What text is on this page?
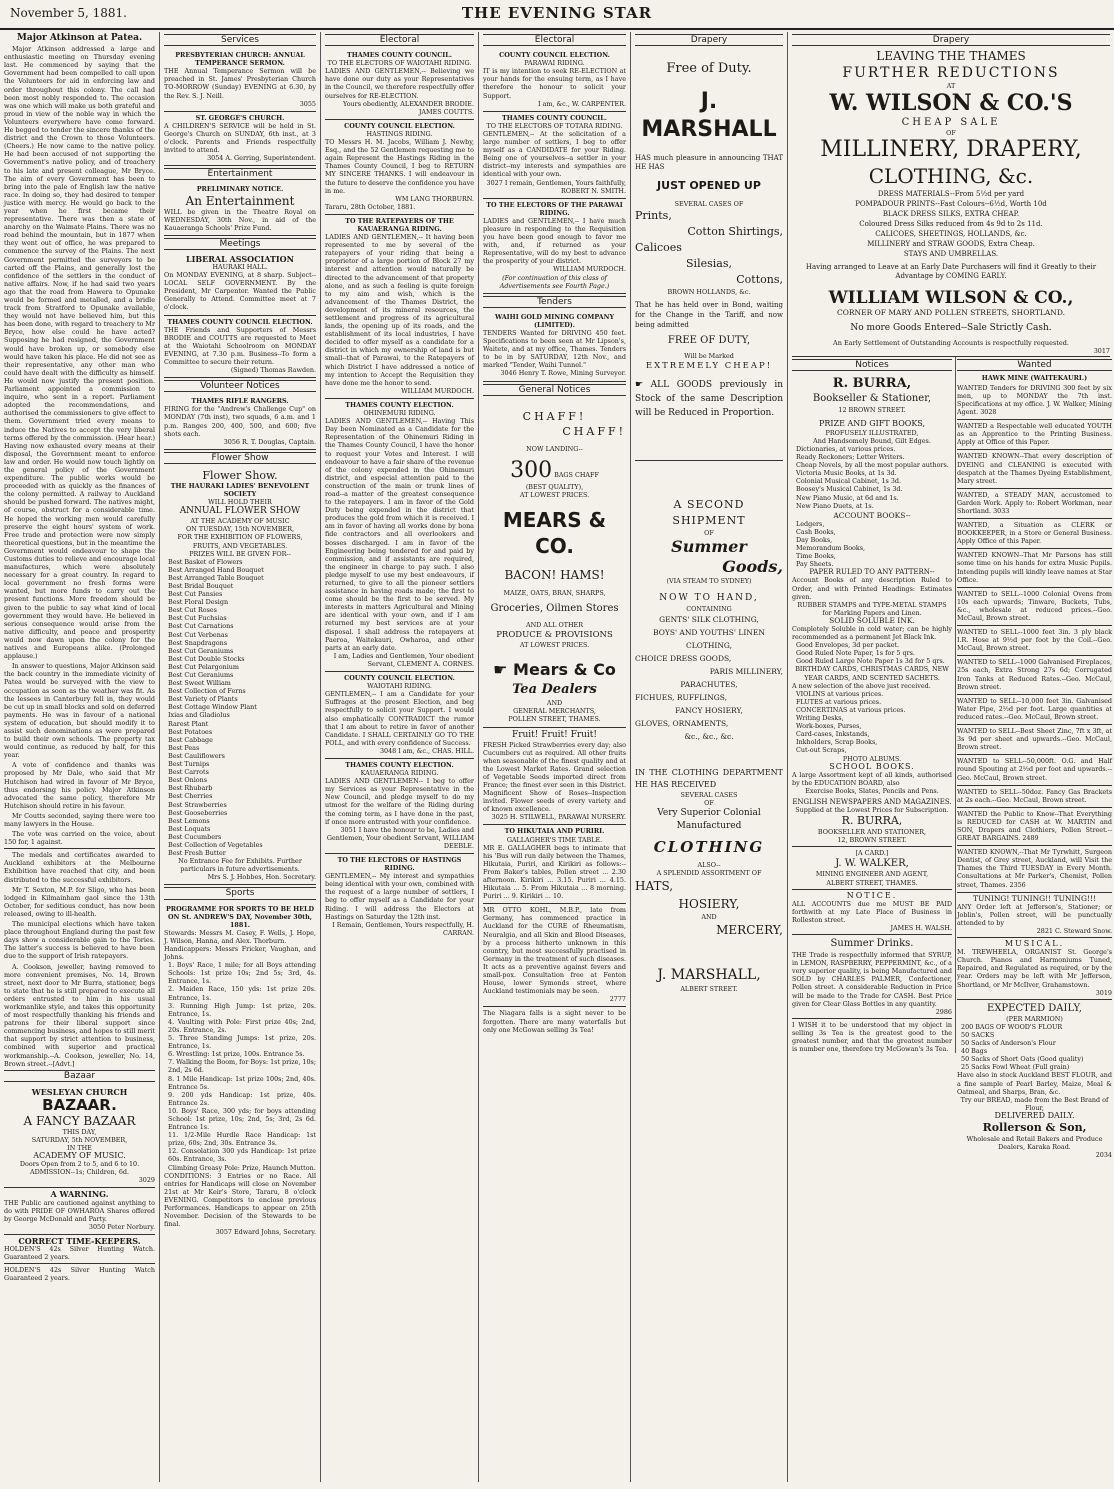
November 5, 1881.	THE EVENING STAR
Major Atkinson at Patea.

Major Atkinson addressed a large and enthusiastic meeting on Thursday evening last. He commenced by saying that the Government had been compelled to call upon the Volunteers for aid in enforcing law and order throughout this colony. The call had been most nobly responded to. The occasion was one which will make us both grateful and proud in view of the noble way in which the Volunteers everywhere have come forward. He begged to tender the sincere thanks of the district and the Crown to those Volunteers. (Cheers.) He now came to the native policy. He had been accused of not supporting the Government's native policy, and of treachery to his late and present colleague, Mr Bryce. The aim of every Government has been to bring into the pale of English law the native race. In doing so, they had desired to temper justice with mercy. He would go back to the year when he first became their representative. There was then a state of anarchy on the Waimate Plains. There was no road behind the mountain, but in 1877 when they went out of office, he was prepared to commence the survey of the Plains. The next Government permitted the surveyors to be carted off the Plains, and generally lost the confidence of the settlers in the conduct of native affairs. Now, if he had said two years ago that the road from Hawera to Opunake would be formed and metalled, and a bridle track from Stratford to Opunake available, they would not have believed him, but this has been done, with regard to treachery to Mr Bryce, how else could he have acted? Supposing he had resigned, the Government would have broken up, or somebody else would have taken his place. He did not see as their representative, any other man who could have dealt with the difficulty as himself. He would now justify the present position. Parliament appointed a commission to inquire, who sent in a report. Parliament adopted the recommendations, and authorised the commissioners to give effect to them. Government tried every means to induce the Natives to accept the very liberal terms offered by the commission. (Hear hear.) Having now exhausted every means at their disposal, the Government meant to enforce law and order. He would now touch lightly on the general policy of the Government expenditure. The public works would be proceeded with as quickly as the finances of the colony permitted. A railway to Auckland should be pushed forward. The natives might, of course, obstruct for a considerable time. He hoped the working men would carefully preserve the eight hours' system of work. Free trade and protection were now simply theoretical questions, but in the meantime the Government would endeavour to shape the Customs duties to relieve and encourage local manufactures, which were absolutely necessary for a great country. In regard to local government no fresh forms were wanted, but more funds to carry out the present functions. More freedom should be given to the public to say what kind of local government they would have. He believed in serious consequence would arise from the native difficulty, and peace and prosperity would now dawn upon the colony for the natives and Europeans alike. (Prolonged applause.)

In answer to questions, Major Atkinson said the back country in the immediate vicinity of Patea would be surveyed with the view to occupation as soon as the weather was fit. As the lessees in Canterbury fell in, they would be cut up in small blocks and sold on deferred payments. He was in favour of a national system of education, but should modify it to assist such denominations as were prepared to build their own schools. The property tax would continue, as reduced by half, for this year.

A vote of confidence and thanks was proposed by Mr Dale, who said that Mr Hutchison had wired in favour of Mr Bryce, thus endorsing his policy. Major Atkinson advocated the same policy, therefore Mr Hutchison should retire in his favour.

Mr Coutts seconded, saying there were too many lawyers in the House.

The vote was carried on the voice, about 150 for, 1 against.

The medals and certificates awarded to Auckland exhibitors at the Melbourne Exhibition have reached that city, and been distributed to the successful exhibitors.

Mr T. Sexton, M.P. for Sligo, who has been lodged in Kilmainham gaol since the 13th October, for seditious conduct, has now been released, owing to ill-health.

The municipal elections which have taken place throughout England during the past few days show a considerable gain to the Tories. The latter's success is believed to have been due to the support of Irish ratepayers.

A. Cookson, jeweller, having removed to more convenient premises, No. 14, Brown street, next door to Mr Burra, stationer, begs to state that he is still prepared to execute all orders entrusted to him in his usual workmanlike style, and takes this opportunity of most respectfully thanking his friends and patrons for their liberal support since commencing business, and hopes to still merit that support by strict attention to business, combined with superior and practical workmanship.--A. Cookson, jeweller, No. 14, Brown street.--[Advt.]

Bazaar
WESLEYAN CHURCH
BAZAAR.
A FANCY BAZAAR
THIS DAY,
SATURDAY, 5th NOVEMBER,
IN THE
ACADEMY OF MUSIC.
Doors Open from 2 to 5, and 6 to 10.
ADMISSION--1s; Children, 6d.
3029
A WARNING.
THE Public are cautioned against anything to do with PRIDE OF OWHAROA Shares offered by George McDonald and Party.
3050 Peter Norbury.
CORRECT TIME-KEEPERS.
HOLDEN'S 42s Silver Hunting Watch. Guaranteed 2 years.
HOLDEN'S 42s Silver Hunting Watch Guaranteed 2 years.
Services
PRESBYTERIAN CHURCH: ANNUAL TEMPERANCE SERMON.
THE Annual Temperance Sermon will be preached in St. James' Presbyterian Church TO-MORROW (Sunday) EVENING at 6.30, by the Rev. S. J. Neill.
3055
ST. GEORGE'S CHURCH.
A CHILDREN'S SERVICE will be held in St. George's Church on SUNDAY, 6th inst., at 3 o'clock. Parents and Friends respectfully invited to attend.
3054 A. Gerring, Superintendent.
Entertainment
PRELIMINARY NOTICE.
An Entertainment
WILL be given in the Theatre Royal on WEDNESDAY, 30th Nov., in aid of the Kauaeranga Schools' Prize Fund.
Meetings
LIBERAL ASSOCIATION
HAURAKI HALL.
On MONDAY EVENING, at 8 sharp. Subject--LOCAL SELF GOVERNMENT. By the President, Mr Carpenter. Wanted the Public Generally to Attend. Committee meet at 7 o'clock.
THAMES COUNTY COUNCIL ELECTION.
THE Friends and Supporters of Messrs BRODIE and COUTTS are requested to Meet at the Waiotahi Schoolroom on MONDAY EVENING, at 7.30 p.m. Business--To form a Committee to secure their return.
(Signed) Thomas Rawden.
Volunteer Notices
THAMES RIFLE RANGERS.
FIRING for the "Andrew's Challenge Cup" on MONDAY (7th inst), two squads, 6 a.m. and 1 p.m. Ranges 200, 400, 500, and 600; five shots each.
3056 R. T. Douglas, Captain.
Flower Show
Flower Show.
THE HAURAKI LADIES' BENEVOLENT SOCIETY
WILL HOLD THEIR
ANNUAL FLOWER SHOW
AT THE ACADEMY OF MUSIC
ON TUESDAY, 15th NOVEMBER,
FOR THE EXHIBITION OF FLOWERS, FRUITS, AND VEGETABLES.
PRIZES WILL BE GIVEN FOR--
Best Basket of Flowers
Best Arranged Hand Bouquet
Best Arranged Table Bouquet
Best Bridal Bouquet
Best Cut Pansies
Best Floral Design
Best Cut Roses
Best Cut Fuchsias
Best Cut Carnations
Best Cut Verbenas
Best Snapdragons
Best Cut Geraniums
Best Cut Double Stocks
Best Cut Pelargonium
Best Cut Geraniums
Best Sweet William
Best Collection of Ferns
Best Variety of Plants
Best Cottage Window Plant
Ixias and Gladiolus
Rarest Plant
Best Potatoes
Best Cabbage
Best Peas
Best Cauliflowers
Best Turnips
Best Carrots
Best Onions
Best Rhubarb
Best Cherries
Best Strawberries
Best Gooseberries
Best Lemons
Best Loquats
Best Cucumbers
Best Collection of Vegetables
Best Fresh Butter
No Entrance Fee for Exhibits. Further particulars in future advertisements.
Mrs S. J. Hobbes, Hon. Secretary.
Sports
PROGRAMME FOR SPORTS TO BE HELD ON St. ANDREW'S DAY, November 30th, 1881.
Stewards: Messrs M. Casey, F. Wells, J. Hope, J. Wilson, Hanna, and Alex. Thorburn.
Handicappers: Messrs Fricker, Vaughan, and Johns.
1. Boys' Race, 1 mile; for all Boys attending Schools: 1st prize 10s; 2nd 5s; 3rd, 4s. Entrance, 1s.
2. Maiden Race, 150 yds: 1st prize 20s. Entrance, 1s.
3. Running High Jump: 1st prize, 20s. Entrance, 1s.
4. Vaulting with Pole: First prize 40s; 2nd, 20s. Entrance, 2s.
5. Three Standing Jumps: 1st prize, 20s. Entrance, 1s.
6. Wrestling: 1st prize, 100s. Entrance 5s.
7. Walking the Boom, for Boys: 1st prize, 10s; 2nd, 2s 6d.
8. 1 Mile Handicap: 1st prize 100s; 2nd, 40s. Entrance 5s.
9. 200 yds Handicap: 1st prize, 40s. Entrance 2s.
10. Boys' Race, 300 yds; for boys attending School: 1st prize, 10s; 2nd, 5s; 3rd, 2s 6d. Entrance 1s.
11. 1/2-Mile Hurdle Race Handicap: 1st prize, 60s; 2nd, 30s. Entrance 3s.
12. Consolation 300 yds Handicap: 1st prize 60s. Entrance, 3s.
Climbing Greasy Pole: Prize, Haunch Mutton.
CONDITIONS: 3 Entries or no Race. All entries for Handicaps will close on November 21st at Mr Keir's Store, Tararu, 8 o'clock EVENING. Competitors to enclose previous Performances. Handicaps to appear on 25th November. Decision of the Stewards to be final.
3057 Edward Johns, Secretary.
Electoral
THAMES COUNTY COUNCIL.
TO THE ELECTORS OF WAIOTAHI RIDING.
LADIES AND GENTLEMEN,-- Believing we have done our duty as your Representatives in the Council, we therefore respectfully offer ourselves for RE-ELECTION.
Yours obediently, ALEXANDER BRODIE. JAMES COUTTS.
COUNTY COUNCIL ELECTION.
HASTINGS RIDING.
TO Messrs H. M. Jacobs, William J. Newby, Esq., and the 52 Gentlemen requesting me to again Represent the Hastings Riding in the Thames County Council, I beg to RETURN MY SINCERE THANKS. I will endeavour in the future to deserve the confidence you have in me.
WM LANG THORBURN.
Tararu, 28th October, 1881.
TO THE RATEPAYERS OF THE KAUAERANGA RIDING.
LADIES AND GENTLEMEN,-- It having been represented to me by several of the ratepayers of your riding that being a proprietor of a large portion of Block 27 my interest and attention would naturally be directed to the advancement of that property alone, and as such a feeling is quite foreign to my aim and wish, which is the advancement of the Thames District, the development of its mineral resources, the settlement and progress of its agricultural lands, the opening up of its roads, and the establishment of its local industries, I have decided to offer myself as a candidate for a district in which my ownership of land is but small--that of Parawai, to the Ratepayers of which District I have addressed a notice of my intention to Accept the Requisition they have done me the honor to send.
WILLIAM MURDOCH.
THAMES COUNTY ELECTION.
OHINEMURI RIDING.
LADIES AND GENTLEMEN,-- Having This Day been Nominated as a Candidate for the Representation of the Ohinemuri Riding in the Thames County Council, I have the honor to request your Votes and Interest. I will endeavour to have a fair share of the revenue of the colony expended in the Ohinemuri district, and especial attention paid to the construction of the main or trunk lines of road--a matter of the greatest consequence to the ratepayers. I am in favor of the Gold Duty being expended in the district that produces the gold from which it is received. I am in favor of having all works done by bona fide contractors and all overlookers and bosses discharged. I am in favor of the Engineering being tendered for and paid by commission, and if assistants are required, the engineer in charge to pay such. I also pledge myself to use my best endeavours, if returned, to give to all the pioneer settlers assistance in having roads made; the first to come should be the first to be served. My interests in matters Agricultural and Mining are identical with your own, and if I am returned my best services are at your disposal. I shall address the ratepayers at Paeroa, Waitekauri, Owharoa, and other parts at an early date.
I am, Ladies and Gentlemen, Your obedient Servant, CLEMENT A. CORNES.
COUNTY COUNCIL ELECTION.
WAIOTAHI RIDING.
GENTLEMEN,-- I am a Candidate for your Suffrages at the present Election, and beg respectfully to solicit your Support. I would also emphatically CONTRADICT the rumor that I am about to retire in favor of another Candidate. I SHALL CERTAINLY GO TO THE POLL, and with every confidence of Success.
3048 I am, &c., CHAS. HILL.
THAMES COUNTY ELECTION.
KAUAERANGA RIDING.
LADIES AND GENTLEMEN-- I beg to offer my Services as your Representative in the New Council, and pledge myself to do my utmost for the welfare of the Riding during the coming term, as I have done in the past, if once more entrusted with your confidence.
3051 I have the honour to be, Ladies and Gentlemen, Your obedient Servant, WILLIAM DEEBLE.
TO THE ELECTORS OF HASTINGS RIDING.
GENTLEMEN,-- My interest and sympathies being identical with your own, combined with the request of a large number of settlers, I beg to offer myself as a Candidate for your Riding. I will address the Electors at Hastings on Saturday the 12th inst.
I Remain, Gentlemen, Yours respectfully, H. CARRAN.
Electoral
COUNTY COUNCIL ELECTION.
PARAWAI RIDING.
IT is my intention to seek RE-ELECTION at your hands for the ensuing term, as I have therefore the honour to solicit your Support.
I am, &c., W. CARPENTER.
THAMES COUNTY COUNCIL.
TO THE ELECTORS OF TOTARA RIDING.
GENTLEMEN,-- At the solicitation of a large number of settlers, I beg to offer myself as a CANDIDATE for your Riding. Being one of yourselves--a settler in your district--my interests and sympathies are identical with your own.
3027 I remain, Gentlemen, Yours faithfully, ROBERT N. SMITH.
TO THE ELECTORS OF THE PARAWAI RIDING.
LADIES and GENTLEMEN,-- I have much pleasure in responding to the Requisition you have been good enough to favor me with, and, if returned as your Representative, will do my best to advance the prosperity of your district.
WILLIAM MURDOCH.
(For continuation of this class of Advertisements see Fourth Page.)
Tenders
WAIHI GOLD MINING COMPANY (LIMITED).
TENDERS Wanted for DRIVING 450 feet. Specifications to been seen at Mr Lipson's, Waitete, and at my office, Thames. Tenders to be in by SATURDAY, 12th Nov., and marked "Tender, Waihi Tunnel."
3046 Henry T. Rowe, Mining Surveyor.
General Notices
CHAFF!
CHAFF!
NOW LANDING--
300 BAGS CHAFF
(BEST QUALITY),
AT LOWEST PRICES.
MEARS & CO.
BACON! HAMS!
MAIZE, OATS, BRAN, SHARPS,
Groceries, Oilmen Stores
AND ALL OTHER
PRODUCE & PROVISIONS
AT LOWEST PRICES.
☛ Mears & Co
Tea Dealers
AND
GENERAL MERCHANTS,
POLLEN STREET, THAMES.
Fruit! Fruit! Fruit!
FRESH Picked Strawberries every day; also Cucumbers cut as required. All other fruits when seasonable of the finest quality and at the Lowest Market Rates. Grand selection of Vegetable Seeds imported direct from France; the finest ever seen in this District. Magnificent Show of Roses--Inspection invited. Flower seeds of every variety and of known excellence.
3025 H. STILWELL, PARAWAI NURSERY.
TO HIKUTAIA AND PURIRI.
GALLAGHER'S TIME TABLE.
MR E. GALLAGHER begs to intimate that his 'Bus will run daily between the Thames, Hikutaia, Puriri, and Kirikiri as follows:-- From Baker's tables, Pollen street ... 2.30 afternoon. Kirikiri ... 3.15. Puriri ... 4.15. Hikutaia ... 5. From Hikutaia ... 8 morning. Puriri ... 9. Kirikiri ... 10.
MR OTTO KOHL, M.B.P., late from Germany, has commenced practice in Auckland for the CURE of Rheumatism, Neuralgia, and all Skin and Blood Diseases, by a process hitherto unknown in this country, but most successfully practised in Germany in the treatment of such diseases. It acts as a preventive against fevers and small-pox. Consultation free at Fenton House, lower Symonds street, where Auckland testimonials may be seen.
2777
The Niagara falls is a sight never to be forgotten. There are many waterfalls but only one McGowan selling 3s Tea!
Drapery
Free of Duty.
J. MARSHALL
HAS much pleasure in announcing THAT HE HAS
JUST OPENED UP
SEVERAL CASES OF
Prints,
Cotton Shirtings,
Calicoes
Silesias,
Cottons,
BROWN HOLLANDS, &c.
That he has held over in Bond, waiting for the Change in the Tariff, and now being admitted
FREE OF DUTY,
Will be Marked
EXTREMELY CHEAP!
☛ ALL GOODS previously in Stock of the same Description will be Reduced in Proportion.
A SECOND SHIPMENT
OF
Summer
Goods,
(VIA STEAM TO SYDNEY)
NOW TO HAND,
CONTAINING
GENTS' SILK CLOTHING,
BOYS' AND YOUTHS' LINEN
CLOTHING,
CHOICE DRESS GOODS,
PARIS MILLINERY,
PARACHUTES,
FICHUES, RUFFLINGS,
FANCY HOSIERY,
GLOVES, ORNAMENTS,
&c., &c., &c.
IN THE CLOTHING DEPARTMENT HE HAS RECEIVED
SEVERAL CASES
OF
Very Superior Colonial Manufactured
CLOTHING
ALSO--
A SPLENDID ASSORTMENT OF
HATS,
HOSIERY,
AND
MERCERY,
J. MARSHALL,
ALBERT STREET.
Drapery
LEAVING THE THAMES
FURTHER REDUCTIONS
AT
W. WILSON & CO.'S
CHEAP SALE
OF
MILLINERY, DRAPERY,
CLOTHING, &c.
DRESS MATERIALS--From 5½d per yard
POMPADOUR PRINTS--Fast Colours--6½d, Worth 10d
BLACK DRESS SILKS, EXTRA CHEAP.
Coloured Dress Silks reduced from 4s 9d to 2s 11d.
CALICOES, SHEETINGS, HOLLANDS, &c.
MILLINERY and STRAW GOODS, Extra Cheap.
STAYS AND UMBRELLAS.
Having arranged to Leave at an Early Date Purchasers will find it Greatly to their Advantage by COMING EARLY.
WILLIAM WILSON & CO.,
CORNER OF MARY AND POLLEN STREETS, SHORTLAND.
No more Goods Entered--Sale Strictly Cash.
An Early Settlement of Outstanding Accounts is respectfully requested.
3017
Notices
R. BURRA,
Bookseller & Stationer,
12 BROWN STREET.
PRIZE AND GIFT BOOKS,
PROFUSELY ILLUSTRATED,
And Handsomely Bound, Gilt Edges.
Dictionaries, at various prices.
Ready Reckoners; Letter Writers.
Cheap Novels, by all the most popular authors.
Victoria Music Books, at 1s 3d.
Colonial Musical Cabinet, 1s 3d.
Boosey's Musical Cabinet, 1s 3d.
New Piano Music, at 6d and 1s.
New Piano Duets, at 1s.
ACCOUNT BOOKS--
Ledgers,
Cash Books,
Day Books,
Memorandum Books,
Time Books,
Pay Sheets.
PAPER RULED TO ANY PATTERN--
Account Books of any description Ruled to Order, and with Printed Headings: Estimates given.
RUBBER STAMPS and TYPE-METAL STAMPS for Marking Papers and Linen.
SOLID SOLUBLE INK.
Completely Soluble in cold water; can be highly recommended as a permanent Jet Black Ink.
Good Envelopes, 3d per packet.
Good Ruled Note Paper, 1s for 5 qrs.
Good Ruled Large Note Paper 1s 3d for 5 qrs.
BIRTHDAY CARDS, CHRISTMAS CARDS, NEW YEAR CARDS, AND SCENTED SACHETS.
A new selection of the above just received.
VIOLINS at various prices.
FLUTES at various prices.
CONCERTINAS at various prices.
Writing Desks,
Work-boxes, Purses,
Card-cases, Inkstands,
Inkholders, Scrap Books,
Cut-out Scraps,
PHOTO ALBUMS.
SCHOOL BOOKS.
A large Assortment kept of all kinds, authorised by the EDUCATION BOARD, also
Exercise Books, Slates, Pencils and Pens.
ENGLISH NEWSPAPERS AND MAGAZINES.
Supplied at the Lowest Prices for Subscription.
R. BURRA,
BOOKSELLER AND STATIONER,
12, BROWN STREET.
[A CARD.]
J. W. WALKER,
MINING ENGINEER AND AGENT,
ALBERT STREET, THAMES.
NOTICE.
ALL ACCOUNTS due me MUST BE PAID forthwith at my Late Place of Business in Rolleston street.
JAMES H. WALSH.
Summer Drinks.
THE Trade is respectfully informed that SYRUP, in LEMON, RASPBERRY, PEPPERMINT, &c., of a very superior quality, is being Manufactured and SOLD by CHARLES PALMER, Confectioner, Pollen street. A considerable Reduction in Price will be made to the Trade for CASH. Best Price given for Clear Glass Bottles in any quantity.
2986
I WISH it to be understood that my object in selling 3s Tea is the greatest good to the greatest number, and that the greatest number is number one, therefore try McGowan's 3s Tea.
Wanted
HAWK MINE (WAITEKAURI.)
WANTED Tenders for DRIVING 300 feet by six men, up to MONDAY the 7th inst. Specifications at my office. J. W. Walker, Mining Agent. 3028
WANTED a Respectable well educated YOUTH as an Apprentice to the Printing Business. Apply at Office of this Paper.
WANTED KNOWN--That every description of DYEING and CLEANING is executed with despatch at the Thames Dyeing Establishment, Mary street.
WANTED, a STEADY MAN, accustomed to Garden Work. Apply to: Robert Workman, near Shortland. 3033
WANTED, a Situation as CLERK or BOOKKEEPER, in a Store or General Business. Apply Office of this Paper.
WANTED KNOWN--That Mr Parsons has still some time on his hands for extra Music Pupils. Intending pupils will kindly leave names at Star Office.
WANTED to SELL--1000 Colonial Ovens from 10s each upwards; Tinware, Buckets, Tubs, &c., wholesale at reduced prices.--Geo. McCaul, Brown street.
WANTED to SELL--1000 feet 3in. 3 ply black I.R. Hose at 9½d per foot by the Coil.--Geo. McCaul, Brown street.
WANTED to SELL--1000 Galvanised Fireplaces, 25s each, Extra Strong 27s 6d; Corrugated Iron Tanks at Reduced Rates.--Geo. McCaul, Brown street.
WANTED to SELL--10,000 feet 3in. Galvanised Water Pipe, 2½d per foot. Large quantities at reduced rates.--Geo. McCaul, Brown street.
WANTED to SELL--Best Sheet Zinc, 7ft x 3ft, at 3s 9d per sheet and upwards.--Geo. McCaul, Brown street.
WANTED to SELL--50,000ft. O.G. and Half round Spouting at 2½d per foot and upwards.--Geo. McCaul, Brown street.
WANTED to SELL--50doz. Fancy Gas Brackets at 2s each.--Geo. McCaul, Brown street.
WANTED the Public to Know--That Everything is REDUCED for CASH at W. MARTIN and SON, Drapers and Clothiers, Pollen Street.--GREAT BARGAINS. 2489
WANTED KNOWN,--That Mr Tyrwhitt, Surgeon Dentist, of Grey street, Auckland, will Visit the Thames the Third TUESDAY in Every Month. Consultations at Mr Parker's, Chemist, Pollen street, Thames. 2356
TUNING! TUNING!! TUNING!!!
ANY Order left at Jefferson's, Stationer; or Joblin's, Pollen street, will be punctually attended to by
2821 C. Steward Snow.
MUSICAL.
M. TREWHEELA, ORGANIST St. George's Church. Pianos and Harmoniums Tuned, Repaired, and Regulated as required, or by the year. Orders may be left with Mr Jefferson, Shortland, or Mr McIlver, Grahamstown.
3019
EXPECTED DAILY,
(PER MARMION)
200 BAGS OF WOOD'S FLOUR
50 SACKS
50 Sacks of Anderson's Flour
40 Bags
50 Sacks of Short Oats (Good quality)
25 Sacks Fowl Wheat (Full grain)
Have also in stock Auckland BEST FLOUR, and a fine sample of Pearl Barley, Maize, Meal & Oatmeal, and Sharps, Bran, &c.
Try our BREAD, made from the Best Brand of Flour,
DELIVERED DAILY.
Rollerson & Son,
Wholesale and Retail Bakers and Produce Dealers, Karaka Road.
2034
